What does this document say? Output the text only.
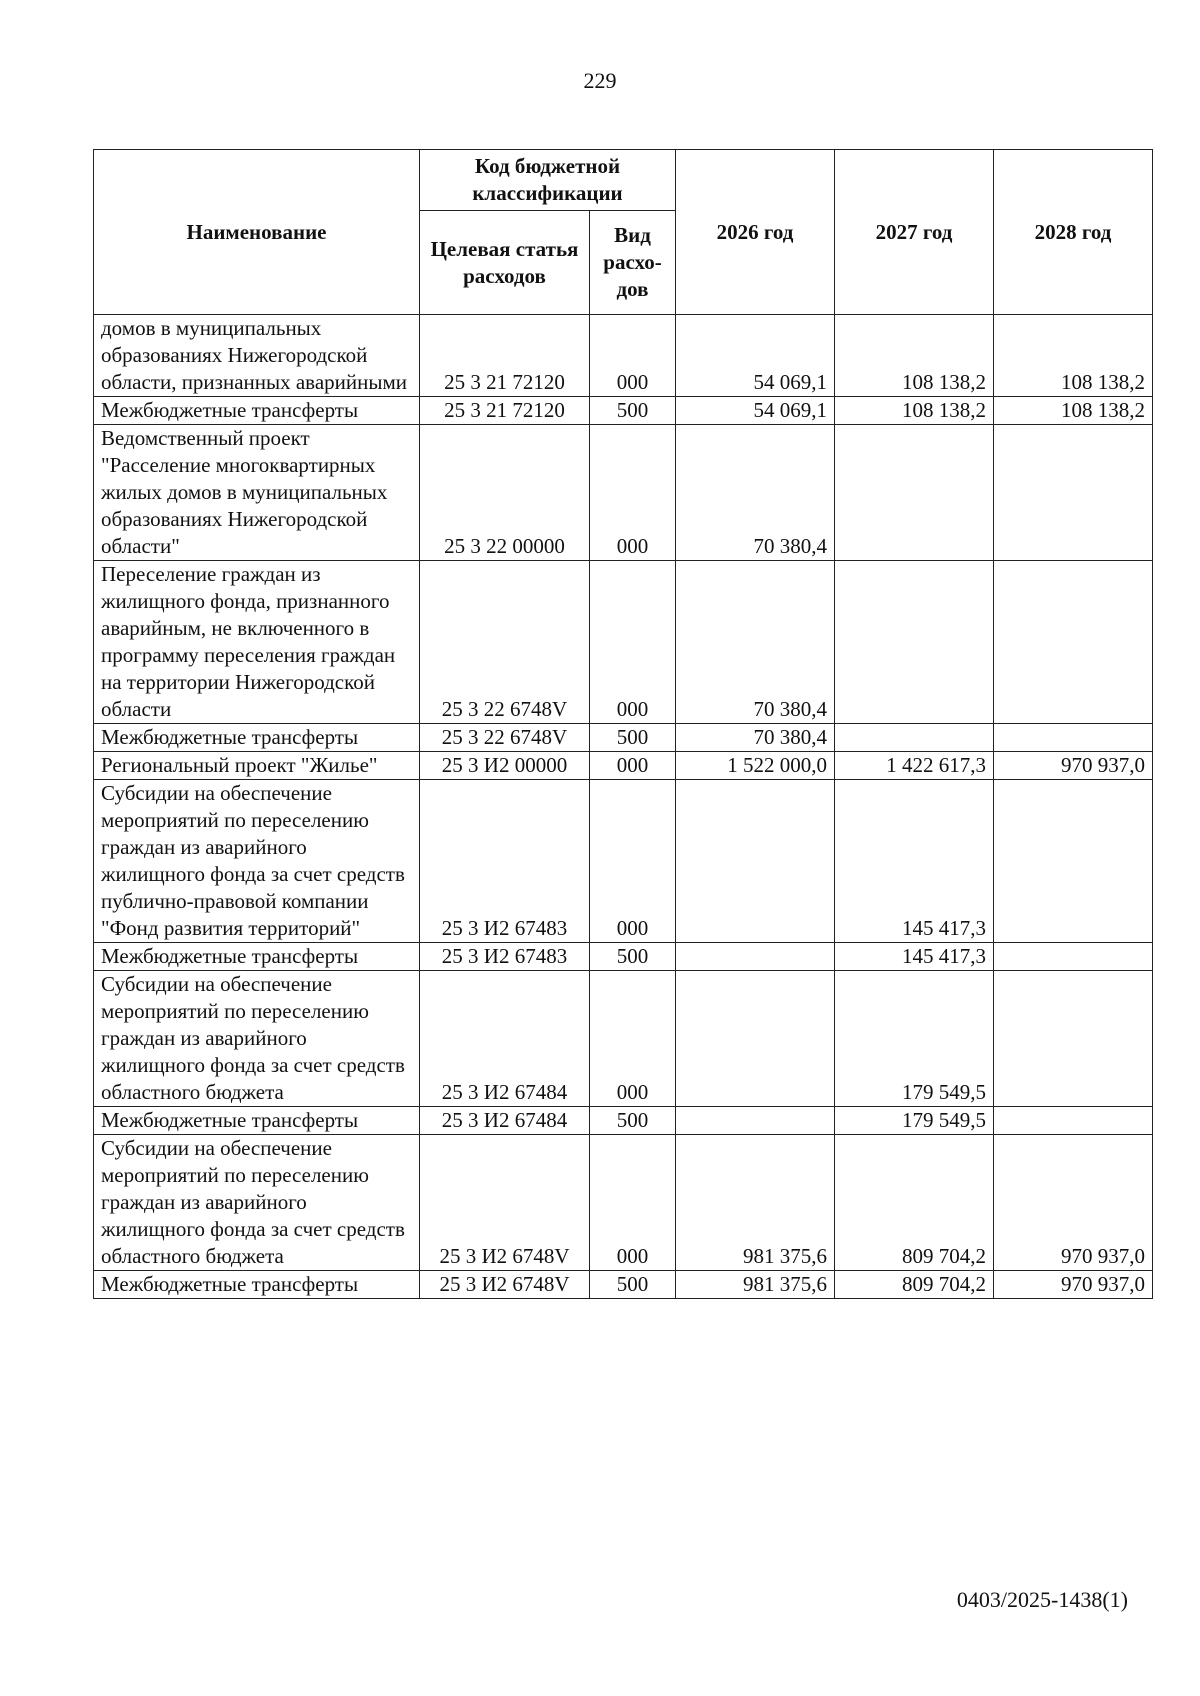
229
Наименование	Код бюджетной классификации		2026 год	2027 год	2028 год
	Целевая статья расходов	Вид расхо-дов			
домов в муниципальных образованиях Нижегородской области, признанных аварийными	25 3 21 72120	000	54 069,1	108 138,2	108 138,2
Межбюджетные трансферты	25 3 21 72120	500	54 069,1	108 138,2	108 138,2
Ведомственный проект "Расселение многоквартирных жилых домов в муниципальных образованиях Нижегородской области"	25 3 22 00000	000	70 380,4		
Переселение граждан из жилищного фонда, признанного аварийным, не включенного в программу переселения граждан на территории Нижегородской области	25 3 22 6748V	000	70 380,4		
Межбюджетные трансферты	25 3 22 6748V	500	70 380,4		
Региональный проект "Жилье"	25 3 И2 00000	000	1 522 000,0	1 422 617,3	970 937,0
Субсидии на обеспечение мероприятий по переселению граждан из аварийного жилищного фонда за счет средств публично-правовой компании "Фонд развития территорий"	25 3 И2 67483	000		145 417,3	
Межбюджетные трансферты	25 3 И2 67483	500		145 417,3	
Субсидии на обеспечение мероприятий по переселению граждан из аварийного жилищного фонда за счет средств областного бюджета	25 3 И2 67484	000		179 549,5	
Межбюджетные трансферты	25 3 И2 67484	500		179 549,5	
Субсидии на обеспечение мероприятий по переселению граждан из аварийного жилищного фонда за счет средств областного бюджета	25 3 И2 6748V	000	981 375,6	809 704,2	970 937,0
Межбюджетные трансферты	25 3 И2 6748V	500	981 375,6	809 704,2	970 937,0
0403/2025-1438(1)
